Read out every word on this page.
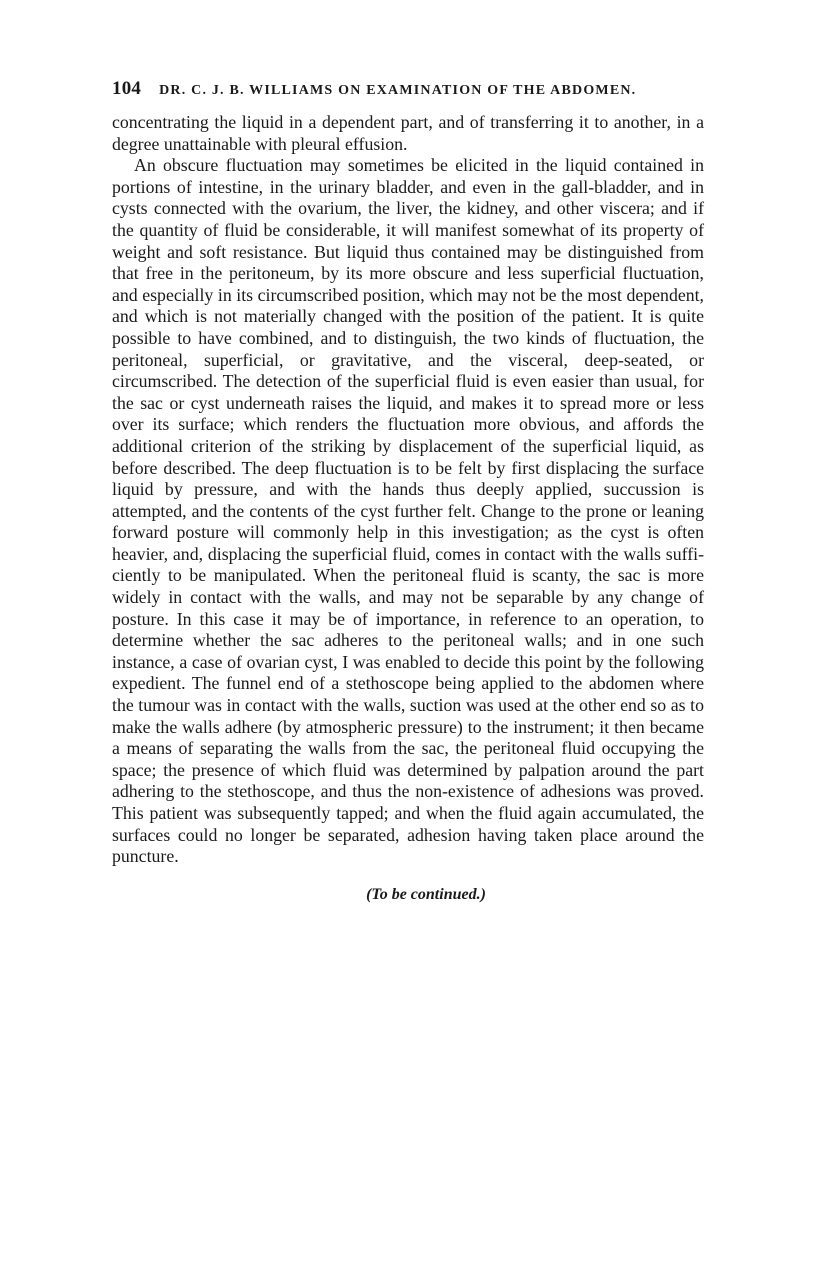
104 DR. C. J. B. WILLIAMS ON EXAMINATION OF THE ABDOMEN.

concentrating the liquid in a dependent part, and of transferring it to another, in a degree unattainable with pleural effusion.

An obscure fluctuation may sometimes be elicited in the liquid contained in portions of intestine, in the urinary bladder, and even in the gall-bladder, and in cysts connected with the ovarium, the liver, the kidney, and other viscera; and if the quantity of fluid be considerable, it will manifest somewhat of its property of weight and soft resistance. But liquid thus contained may be distinguished from that free in the peritoneum, by its more obscure and less superficial fluctuation, and especially in its circumscribed position, which may not be the most dependent, and which is not materially changed with the position of the patient. It is quite possible to have combined, and to distinguish, the two kinds of fluctuation, the peritoneal, superficial, or gravitative, and the visceral, deep-seated, or circumscribed. The detection of the superficial fluid is even easier than usual, for the sac or cyst underneath raises the liquid, and makes it to spread more or less over its surface; which renders the fluctuation more obvious, and affords the additional criterion of the striking by displacement of the superficial liquid, as before described. The deep fluctuation is to be felt by first displacing the surface liquid by pressure, and with the hands thus deeply applied, succussion is attempted, and the contents of the cyst further felt. Change to the prone or leaning forward posture will commonly help in this investigation; as the cyst is often heavier, and, displacing the superficial fluid, comes in contact with the walls sufficiently to be manipulated. When the peritoneal fluid is scanty, the sac is more widely in contact with the walls, and may not be separable by any change of posture. In this case it may be of importance, in reference to an operation, to determine whether the sac adheres to the peritoneal walls; and in one such instance, a case of ovarian cyst, I was enabled to decide this point by the following expedient. The funnel end of a stethoscope being applied to the abdomen where the tumour was in contact with the walls, suction was used at the other end so as to make the walls adhere (by atmospheric pressure) to the instrument; it then became a means of separating the walls from the sac, the peritoneal fluid occupying the space; the presence of which fluid was determined by palpation around the part adhering to the stethoscope, and thus the non-existence of adhesions was proved. This patient was subsequently tapped; and when the fluid again accumulated, the surfaces could no longer be separated, adhesion having taken place around the puncture.

(To be continued.)
